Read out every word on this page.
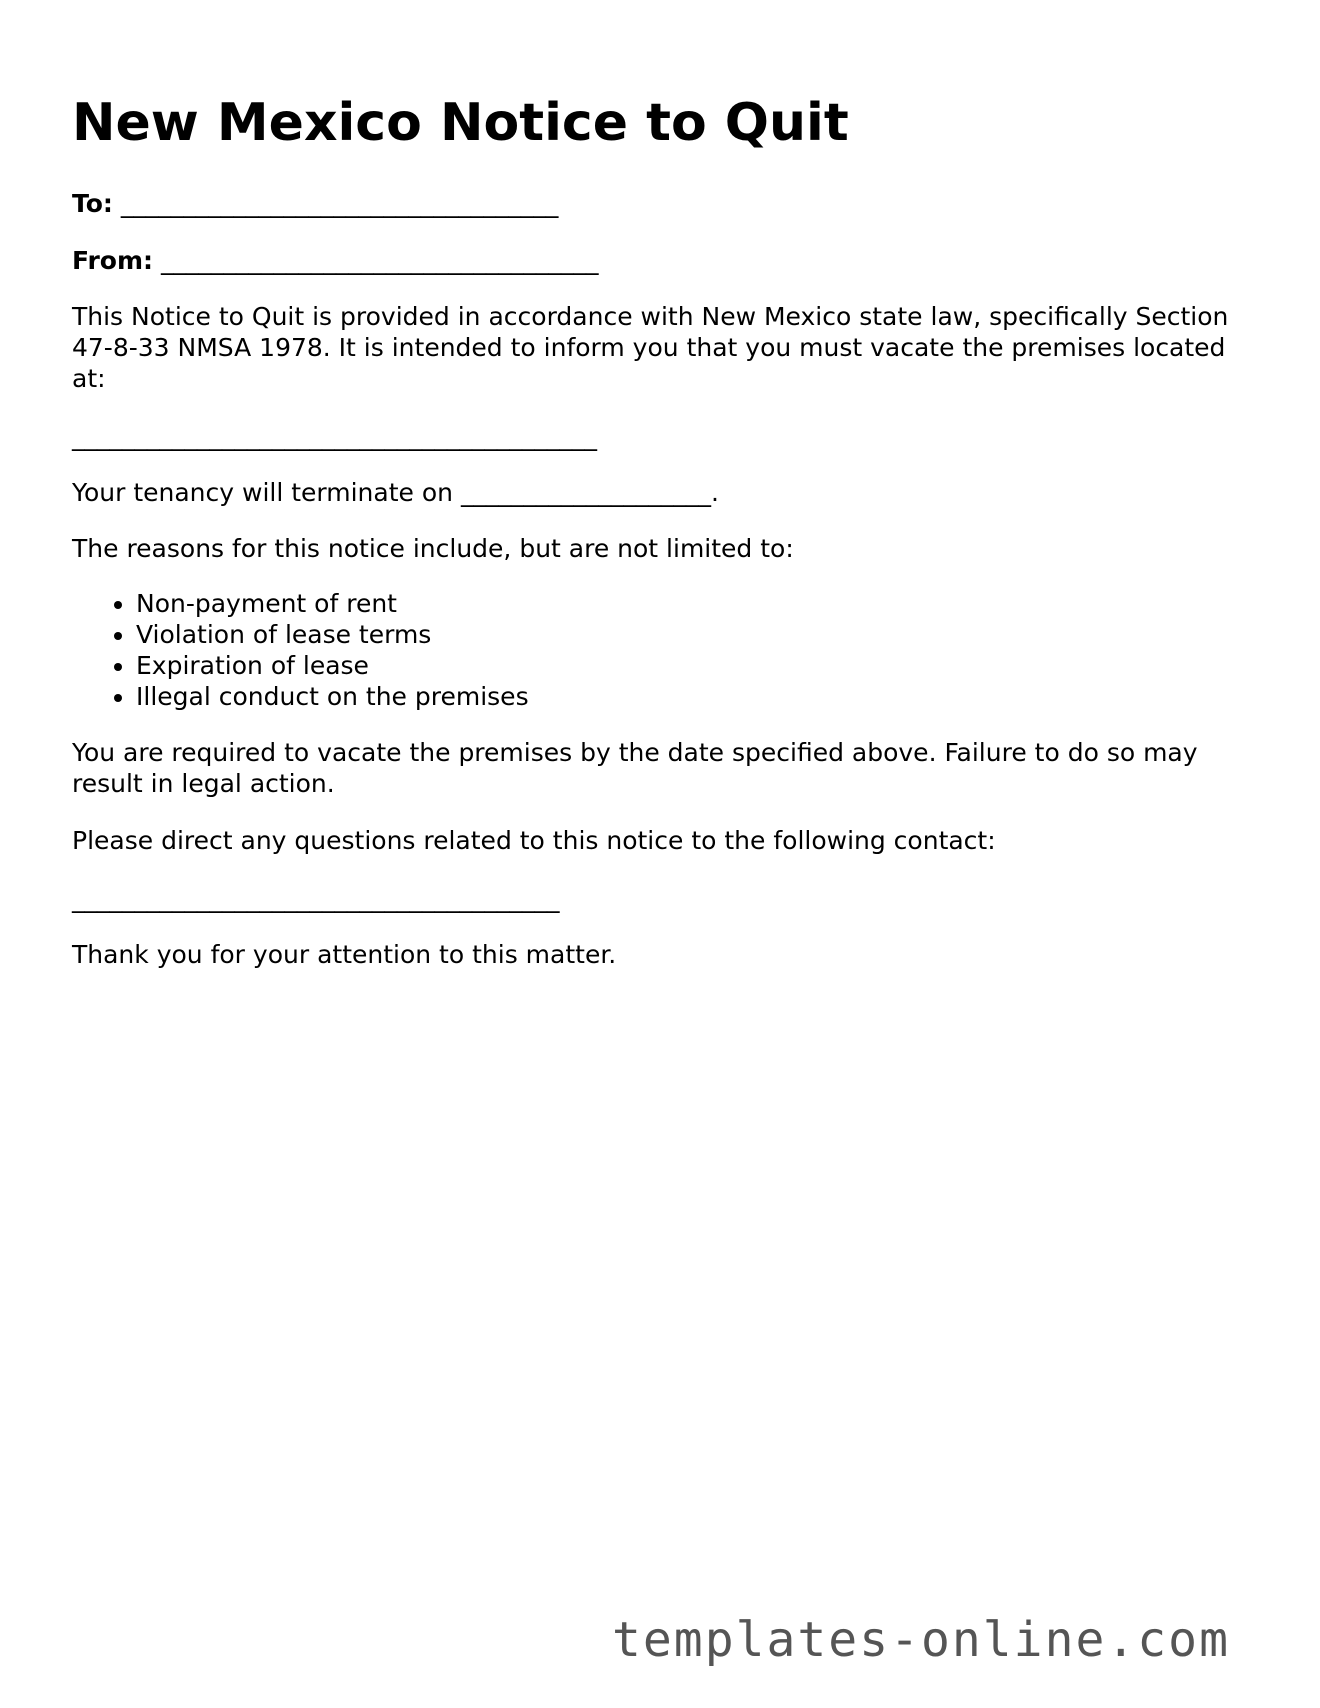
New Mexico Notice to Quit
To: ___________________________________
From: ___________________________________

This Notice to Quit is provided in accordance with New Mexico state law, specifically Section 47-8-33 NMSA 1978. It is intended to inform you that you must vacate the premises located at:

__________________________________________
Your tenancy will terminate on ____________________.

The reasons for this notice include, but are not limited to:

• Non-payment of rent
• Violation of lease terms
• Expiration of lease
• Illegal conduct on the premises

You are required to vacate the premises by the date specified above. Failure to do so may result in legal action.

Please direct any questions related to this notice to the following contact:

_______________________________________

Thank you for your attention to this matter.

templates-online.com
